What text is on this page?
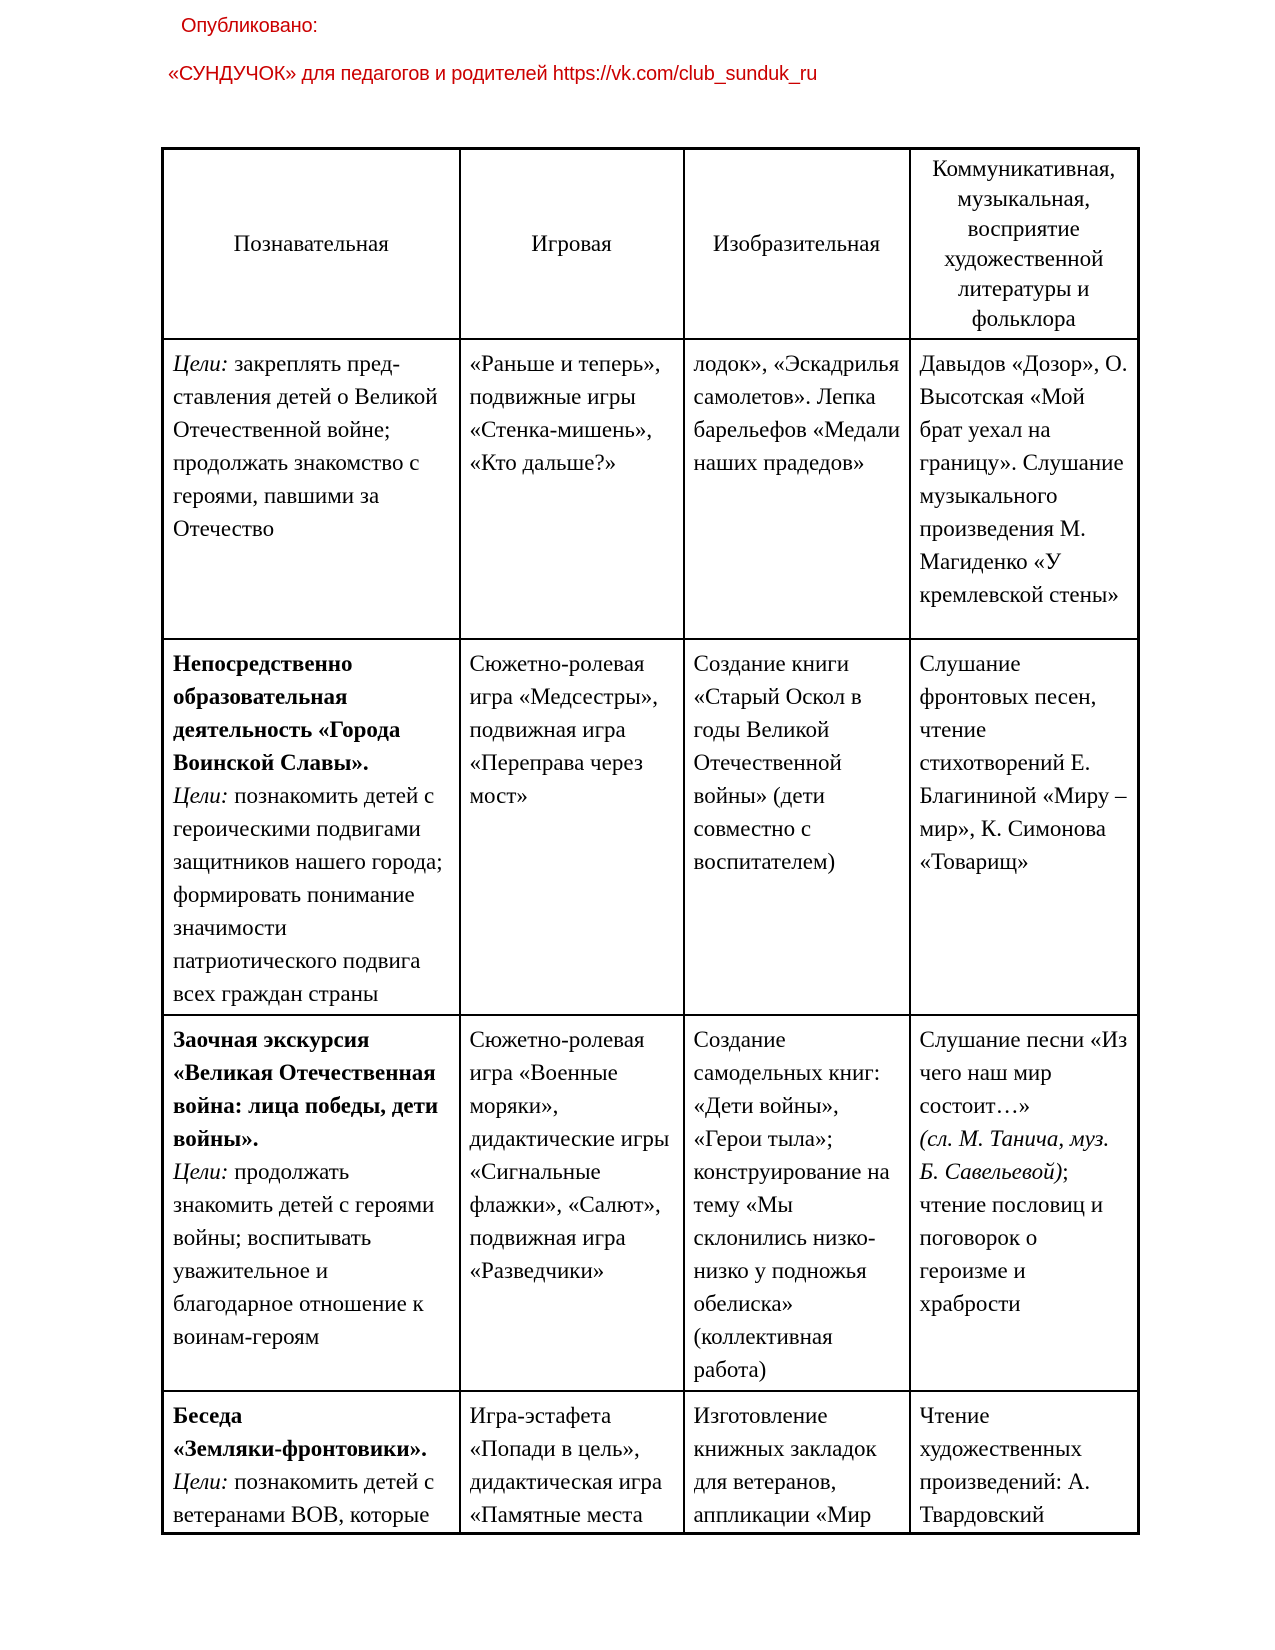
Опубликовано:
«СУНДУЧОК» для педагогов и родителей https://vk.com/club_sunduk_ru
Познавательная	Игровая	Изобразительная	Коммуникативная, музыкальная, восприятие художественной литературы и фольклора

Цели: закреплять пред-ставления детей о Великой Отечественной войне; продолжать знакомство с героями, павшими за Отечество	«Раньше и теперь», подвижные игры «Стенка-мишень», «Кто дальше?»	лодок», «Эскадрилья самолетов». Лепка барельефов «Медали наших прадедов»	Давыдов «Дозор», О. Высотская «Мой брат уехал на границу». Слушание музыкального произведения М. Магиденко «У кремлевской стены»

Непосредственно образовательная деятельность «Города Воинской Славы».
Цели: познакомить детей с героическими подвигами защитников нашего города; формировать понимание значимости патриотического подвига всех граждан страны	Сюжетно-ролевая игра «Медсестры», подвижная игра «Переправа через мост»	Создание книги «Старый Оскол в годы Великой Отечественной войны» (дети совместно с воспитателем)	Слушание фронтовых песен, чтение стихотворений Е. Благининой «Миру – мир», К. Симонова «Товарищ»

Заочная экскурсия «Великая Отечественная война: лица победы, дети войны».
Цели: продолжать знакомить детей с героями войны; воспитывать уважительное и благодарное отношение к воинам-героям	Сюжетно-ролевая игра «Военные моряки», дидактические игры «Сигнальные флажки», «Салют», подвижная игра «Разведчики»	Создание самодельных книг: «Дети войны», «Герои тыла»; конструирование на тему «Мы склонились низко-низко у подножья обелиска» (коллективная работа)	Слушание песни «Из чего наш мир состоит…»
(сл. М. Танича, муз. Б. Савельевой); чтение пословиц и поговорок о героизме и храбрости

Беседа
«Земляки-фронтовики».
Цели: познакомить детей с ветеранами ВОВ, которые	Игра-эстафета «Попади в цель», дидактическая игра «Памятные места	Изготовление книжных закладок для ветеранов, аппликации «Мир	Чтение художественных произведений: А. Твардовский
